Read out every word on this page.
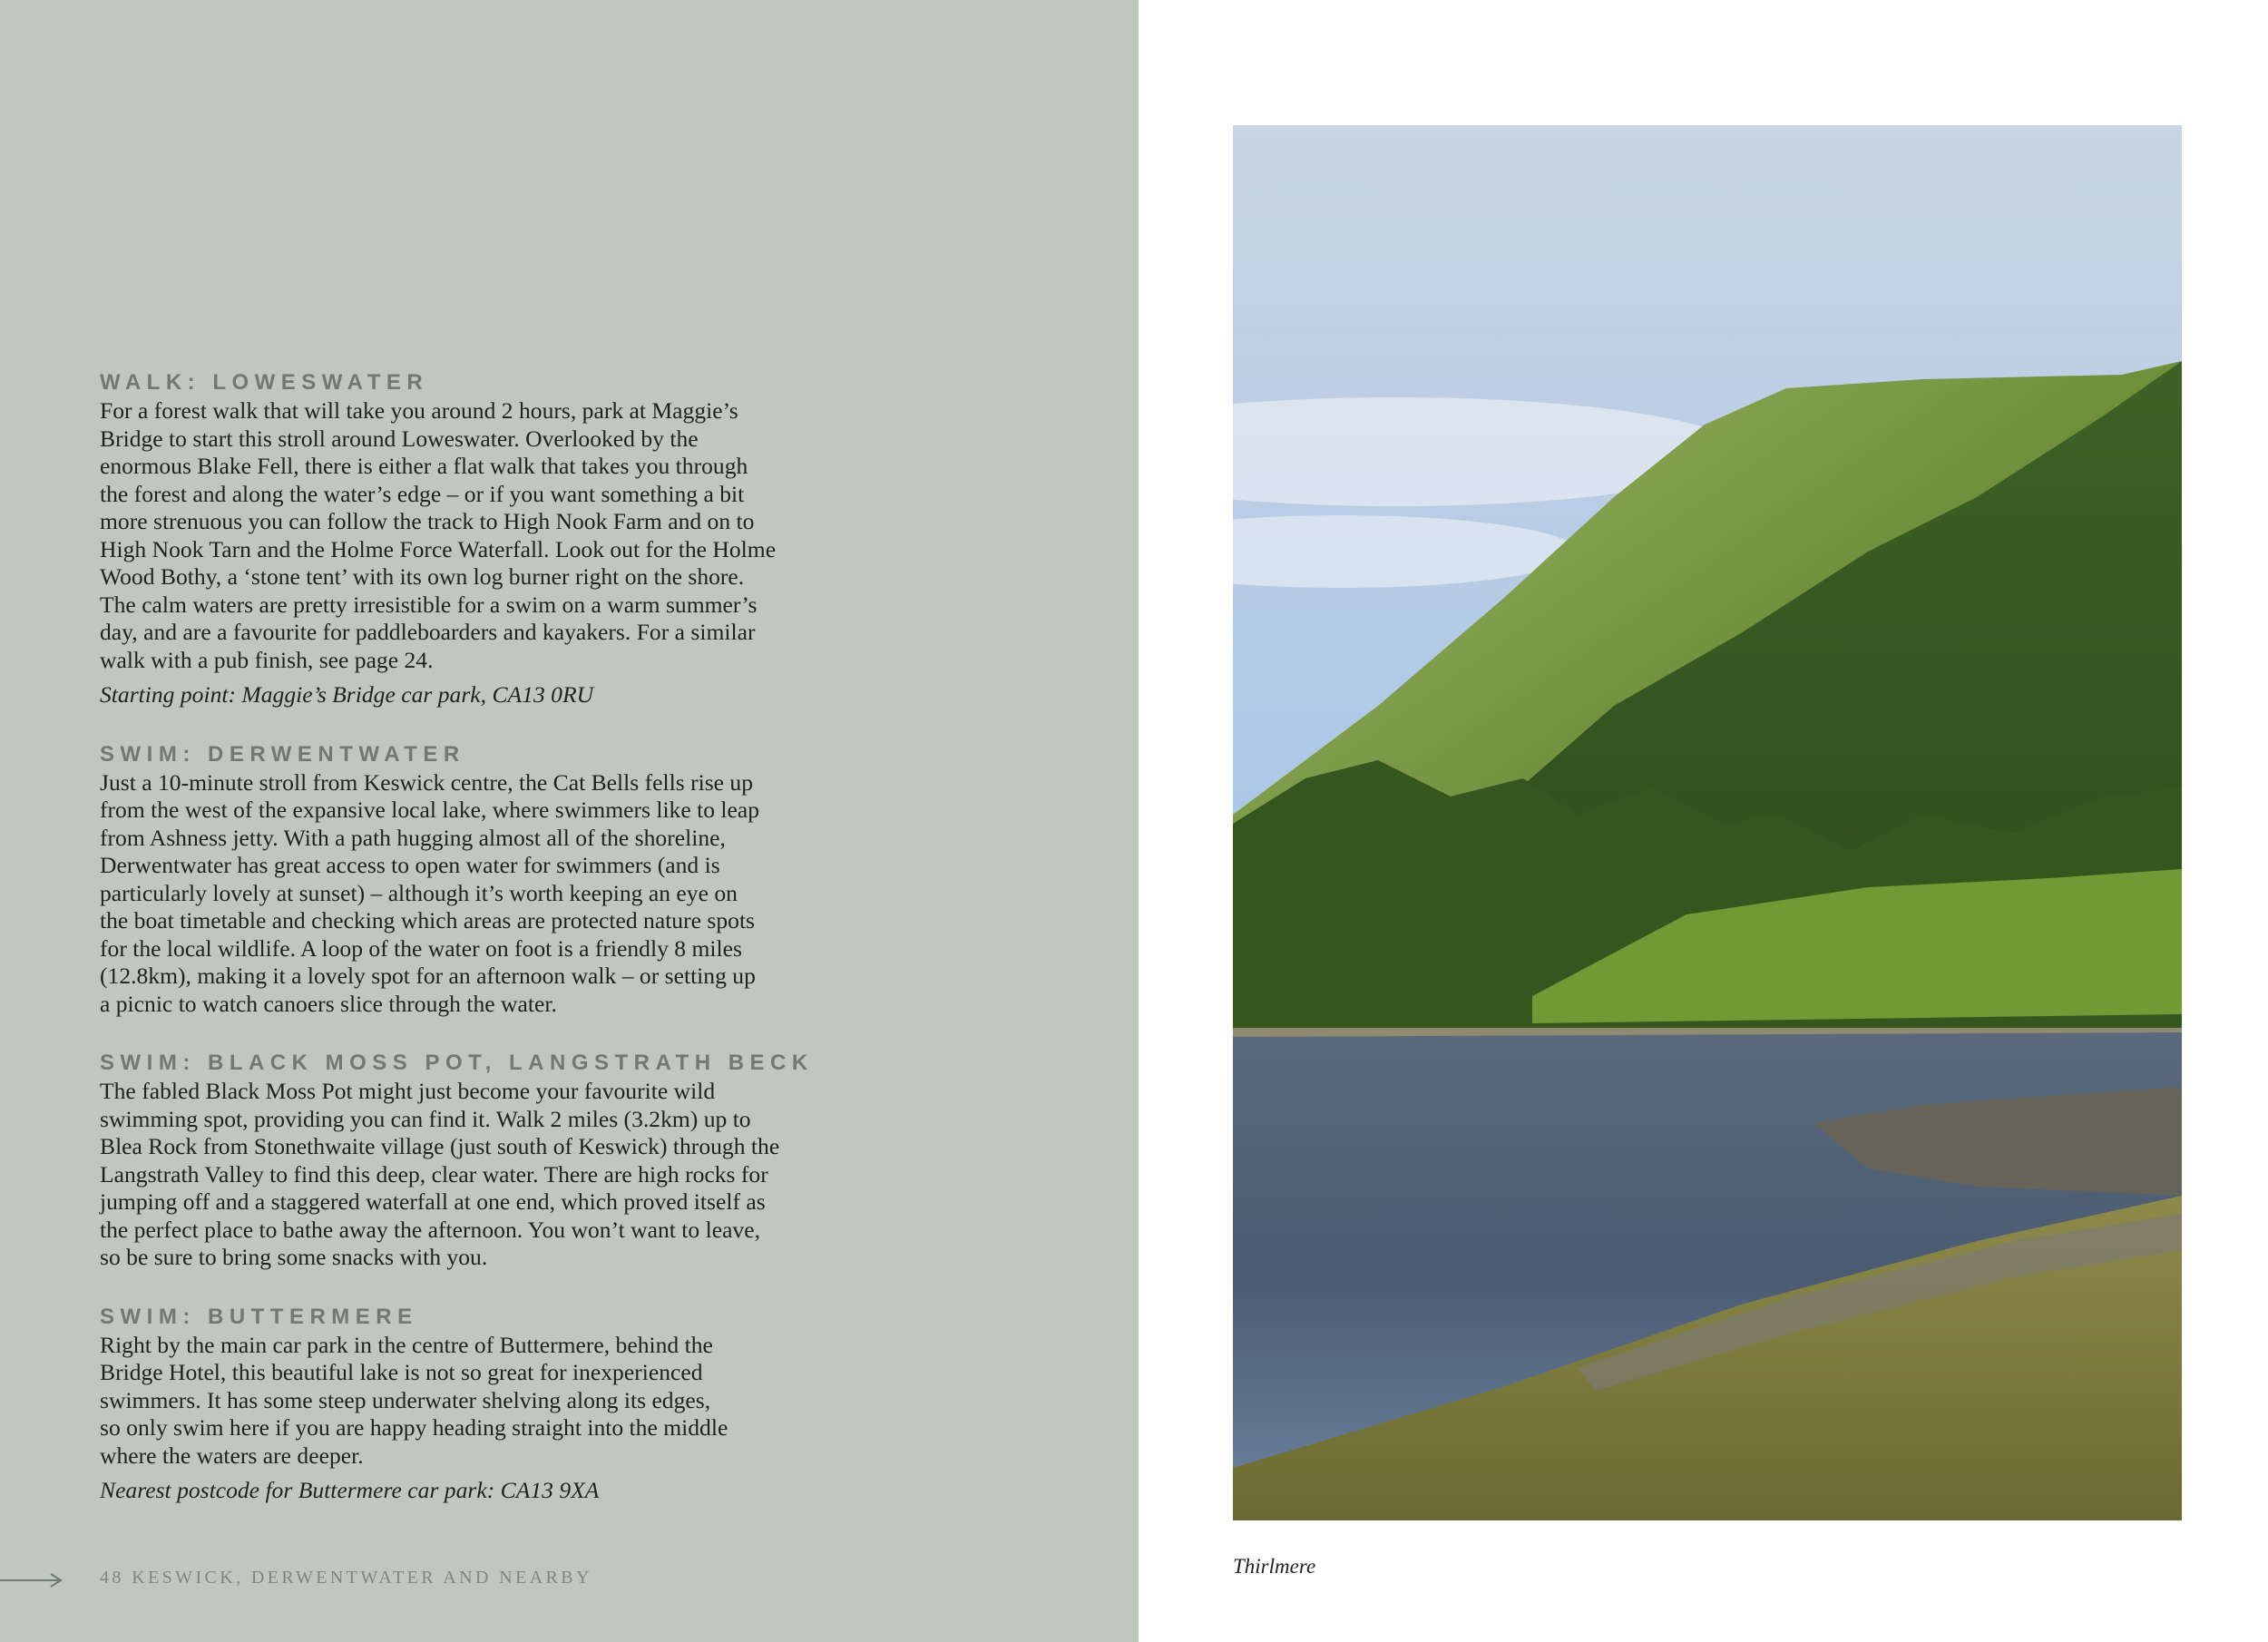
WALK: LOWESWATER
For a forest walk that will take you around 2 hours, park at Maggie’s
Bridge to start this stroll around Loweswater. Overlooked by the
enormous Blake Fell, there is either a flat walk that takes you through
the forest and along the water’s edge – or if you want something a bit
more strenuous you can follow the track to High Nook Farm and on to
High Nook Tarn and the Holme Force Waterfall. Look out for the Holme
Wood Bothy, a ‘stone tent’ with its own log burner right on the shore.
The calm waters are pretty irresistible for a swim on a warm summer’s
day, and are a favourite for paddleboarders and kayakers. For a similar
walk with a pub finish, see page 24.
Starting point: Maggie’s Bridge car park, CA13 0RU
SWIM: DERWENTWATER
Just a 10-minute stroll from Keswick centre, the Cat Bells fells rise up
from the west of the expansive local lake, where swimmers like to leap
from Ashness jetty. With a path hugging almost all of the shoreline,
Derwentwater has great access to open water for swimmers (and is
particularly lovely at sunset) – although it’s worth keeping an eye on
the boat timetable and checking which areas are protected nature spots
for the local wildlife. A loop of the water on foot is a friendly 8 miles
(12.8km), making it a lovely spot for an afternoon walk – or setting up
a picnic to watch canoers slice through the water.
SWIM: BLACK MOSS POT, LANGSTRATH BECK
The fabled Black Moss Pot might just become your favourite wild
swimming spot, providing you can find it. Walk 2 miles (3.2km) up to
Blea Rock from Stonethwaite village (just south of Keswick) through the
Langstrath Valley to find this deep, clear water. There are high rocks for
jumping off and a staggered waterfall at one end, which proved itself as
the perfect place to bathe away the afternoon. You won’t want to leave,
so be sure to bring some snacks with you.
SWIM: BUTTERMERE
Right by the main car park in the centre of Buttermere, behind the
Bridge Hotel, this beautiful lake is not so great for inexperienced
swimmers. It has some steep underwater shelving along its edges,
so only swim here if you are happy heading straight into the middle
where the waters are deeper.
Nearest postcode for Buttermere car park: CA13 9XA
48 KESWICK, DERWENTWATER AND NEARBY	Thirlmere
